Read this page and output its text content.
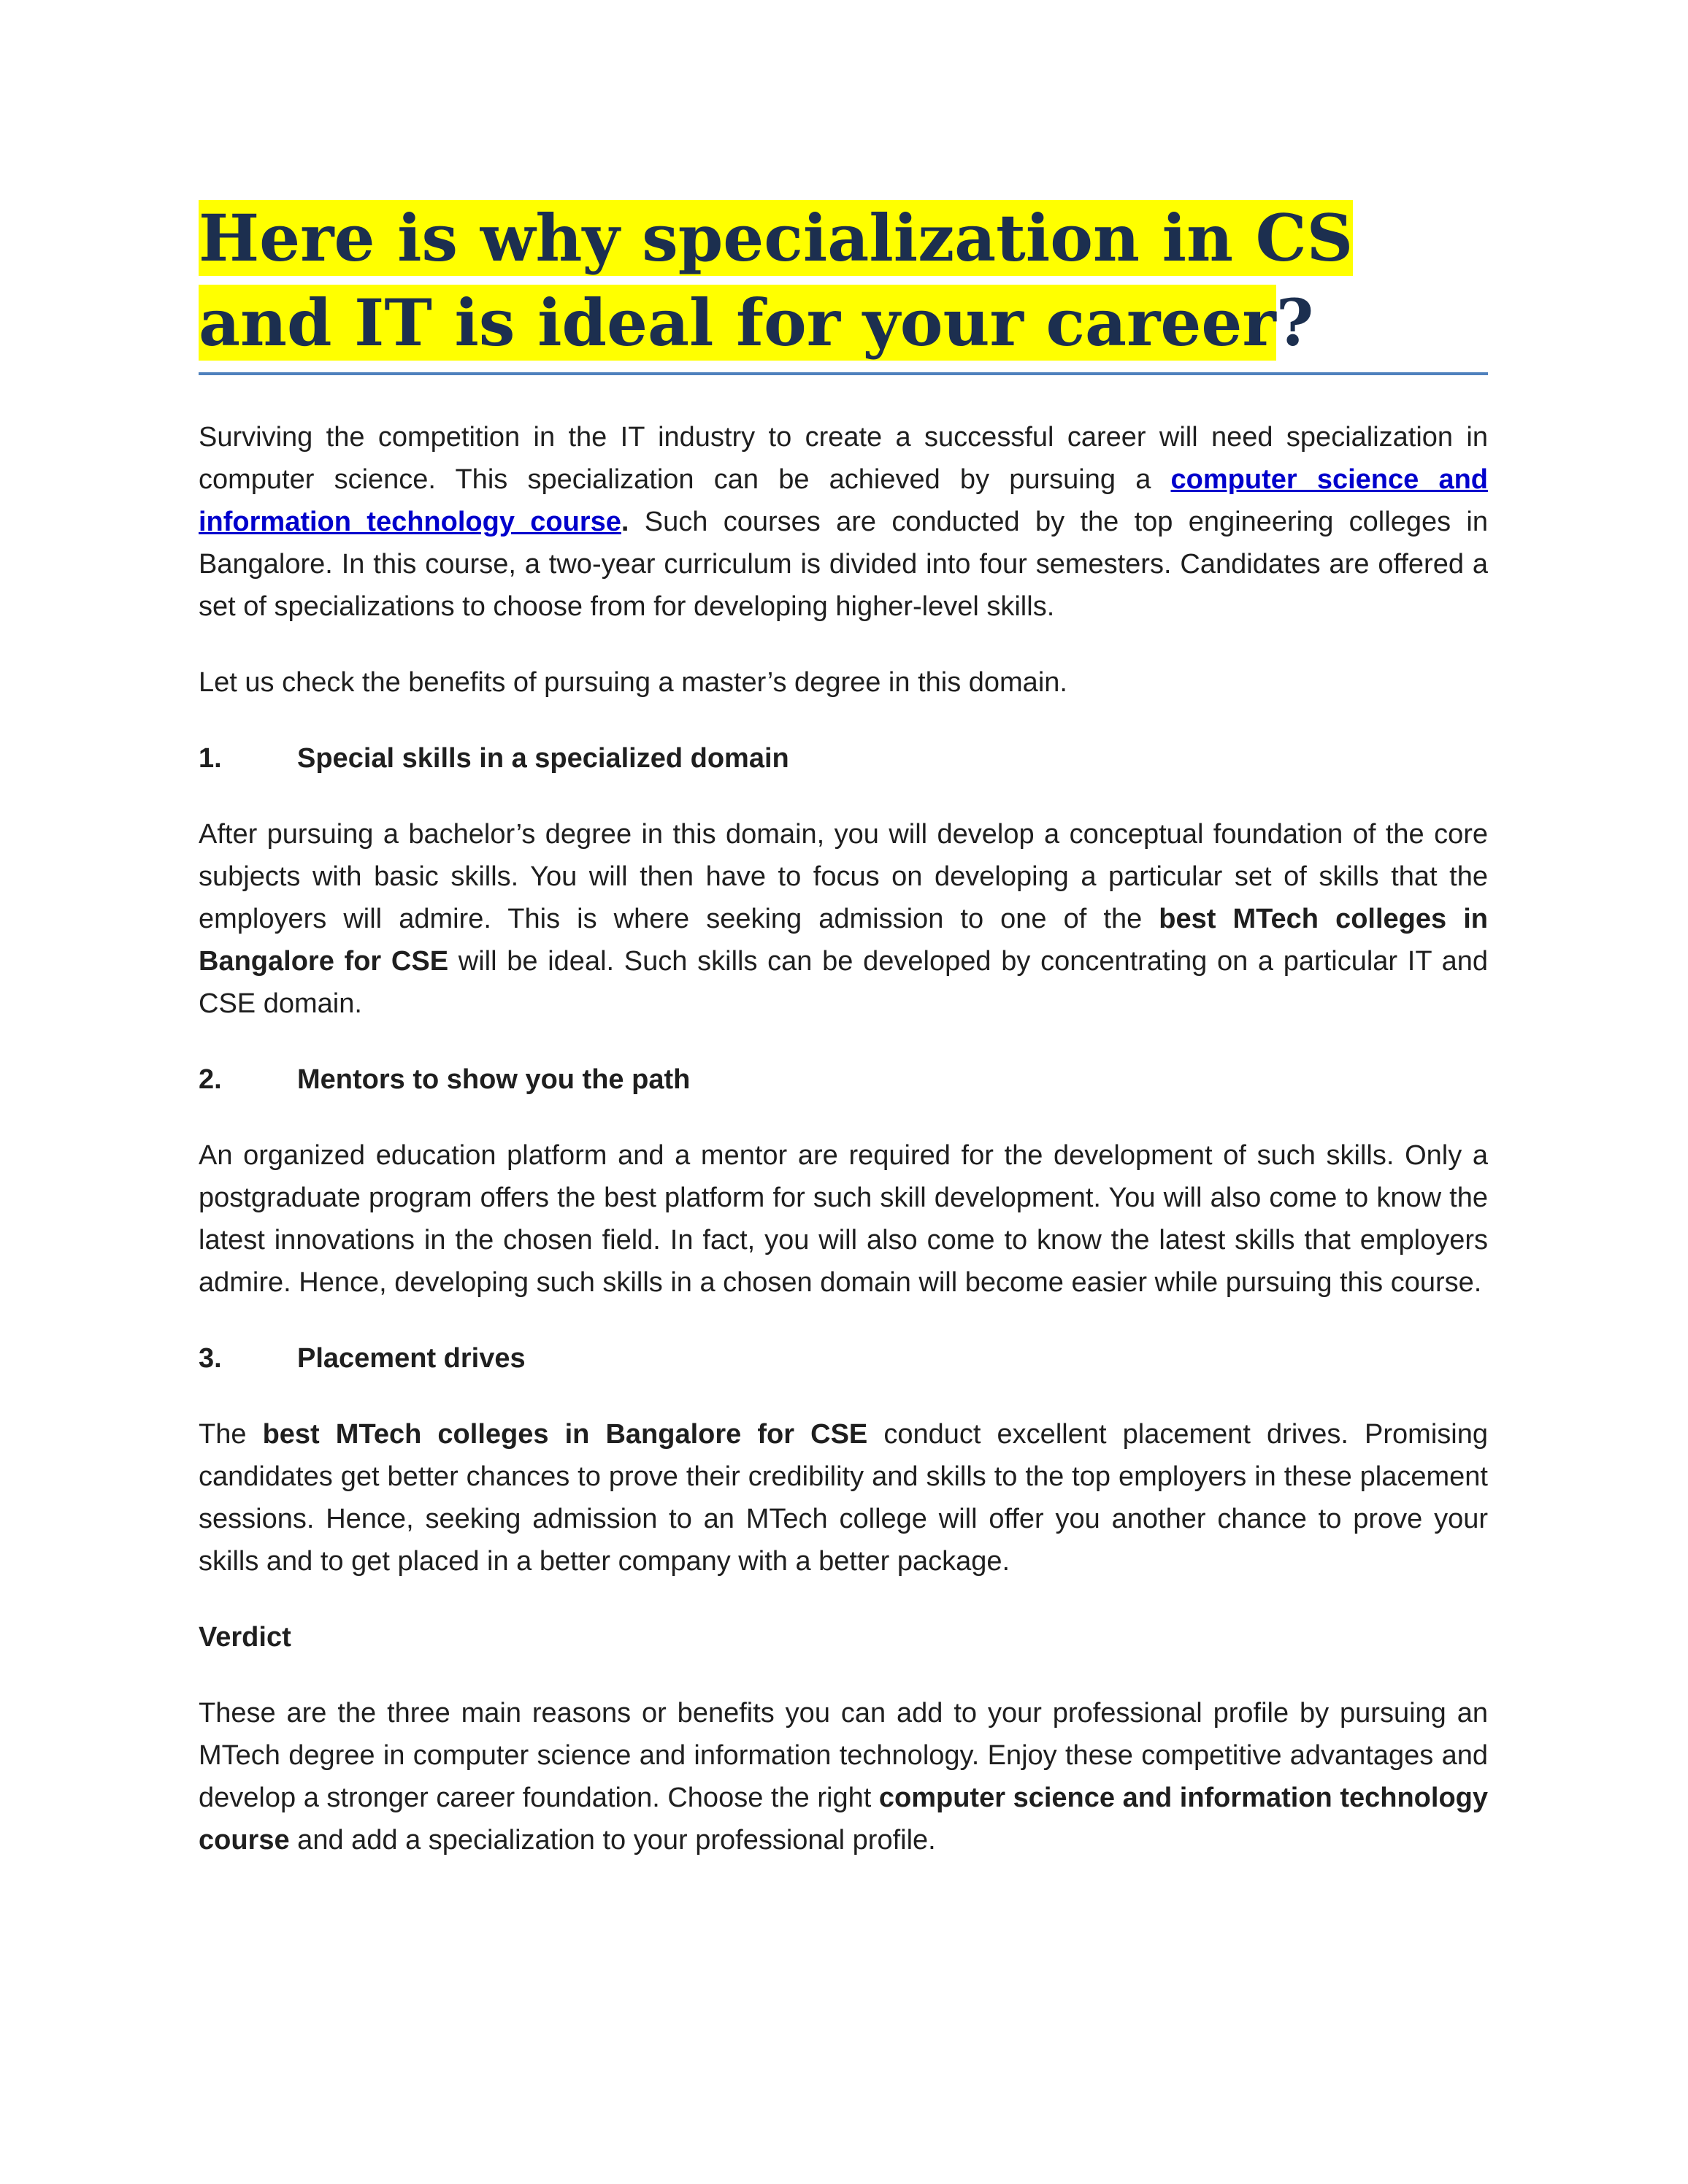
Here is why specialization in CS and IT is ideal for your career?

Surviving the competition in the IT industry to create a successful career will need specialization in computer science. This specialization can be achieved by pursuing a computer science and information technology course. Such courses are conducted by the top engineering colleges in Bangalore. In this course, a two-year curriculum is divided into four semesters. Candidates are offered a set of specializations to choose from for developing higher-level skills.

Let us check the benefits of pursuing a master’s degree in this domain.

1.	Special skills in a specialized domain

After pursuing a bachelor’s degree in this domain, you will develop a conceptual foundation of the core subjects with basic skills. You will then have to focus on developing a particular set of skills that the employers will admire. This is where seeking admission to one of the best MTech colleges in Bangalore for CSE will be ideal. Such skills can be developed by concentrating on a particular IT and CSE domain.

2.	Mentors to show you the path

An organized education platform and a mentor are required for the development of such skills. Only a postgraduate program offers the best platform for such skill development. You will also come to know the latest innovations in the chosen field. In fact, you will also come to know the latest skills that employers admire. Hence, developing such skills in a chosen domain will become easier while pursuing this course.

3.	Placement drives

The best MTech colleges in Bangalore for CSE conduct excellent placement drives. Promising candidates get better chances to prove their credibility and skills to the top employers in these placement sessions. Hence, seeking admission to an MTech college will offer you another chance to prove your skills and to get placed in a better company with a better package.

Verdict

These are the three main reasons or benefits you can add to your professional profile by pursuing an MTech degree in computer science and information technology. Enjoy these competitive advantages and develop a stronger career foundation. Choose the right computer science and information technology course and add a specialization to your professional profile.
